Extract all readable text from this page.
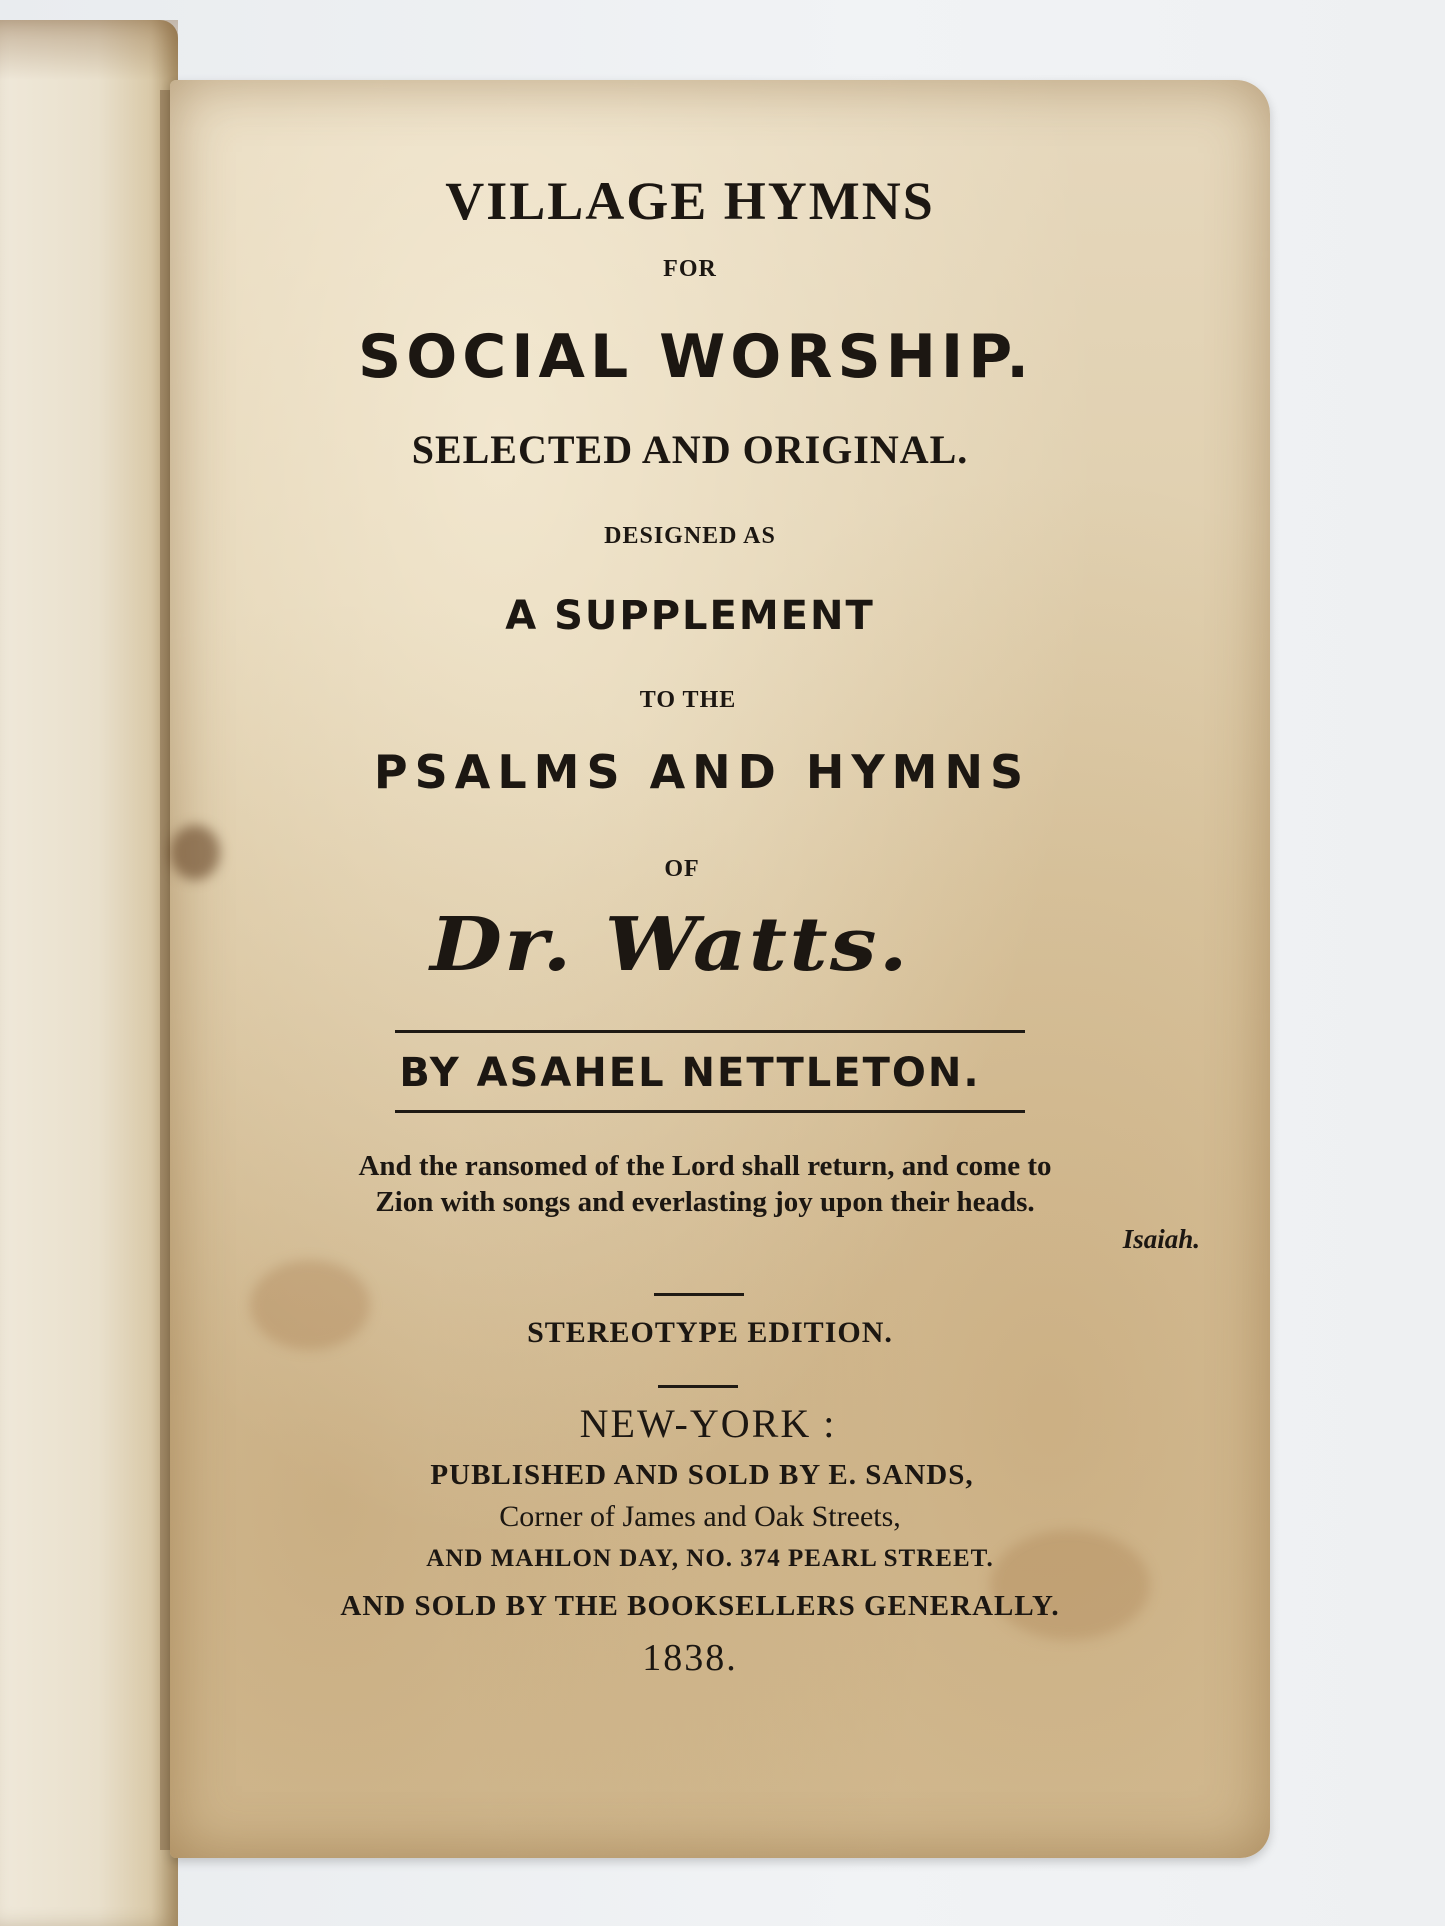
VILLAGE HYMNS
FOR
SOCIAL WORSHIP.
SELECTED AND ORIGINAL.
DESIGNED AS
A SUPPLEMENT
TO THE
PSALMS AND HYMNS
OF
Dr. Watts.
BY ASAHEL NETTLETON.
And the ransomed of the Lord shall return, and come to
Zion with songs and everlasting joy upon their heads.
Isaiah.
STEREOTYPE EDITION.
NEW-YORK :
PUBLISHED AND SOLD BY E. SANDS,
Corner of James and Oak Streets,
AND MAHLON DAY, NO. 374 PEARL STREET.
AND SOLD BY THE BOOKSELLERS GENERALLY.
1838.
